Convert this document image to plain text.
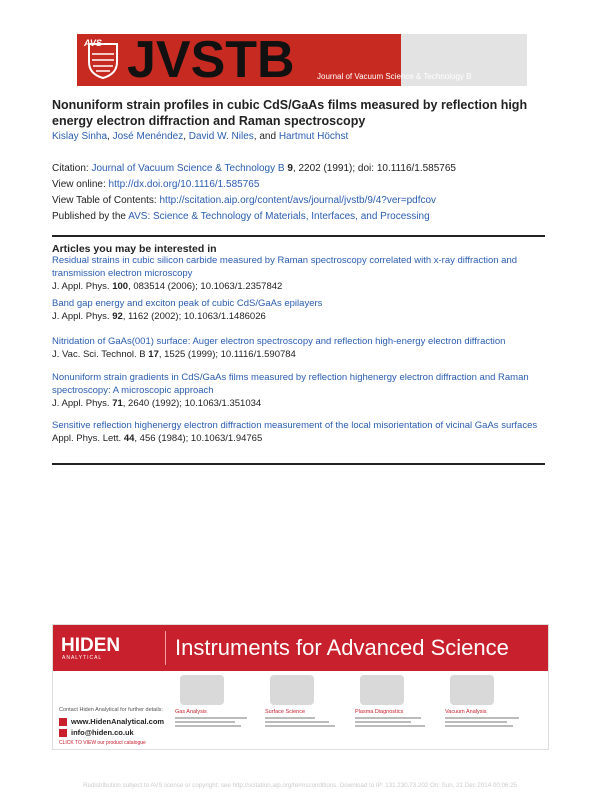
AVS JVSTB	Journal of Vacuum Science & Technology B
Nonuniform strain profiles in cubic CdS/GaAs films measured by reflection high energy electron diffraction and Raman spectroscopy
Kislay Sinha, José Menéndez, David W. Niles, and Hartmut Höchst
Citation: Journal of Vacuum Science & Technology B 9, 2202 (1991); doi: 10.1116/1.585765
View online: http://dx.doi.org/10.1116/1.585765
View Table of Contents: http://scitation.aip.org/content/avs/journal/jvstb/9/4?ver=pdfcov
Published by the AVS: Science & Technology of Materials, Interfaces, and Processing
Articles you may be interested in
Residual strains in cubic silicon carbide measured by Raman spectroscopy correlated with x-ray diffraction and transmission electron microscopy
J. Appl. Phys. 100, 083514 (2006); 10.1063/1.2357842
Band gap energy and exciton peak of cubic CdS/GaAs epilayers
J. Appl. Phys. 92, 1162 (2002); 10.1063/1.1486026
Nitridation of GaAs(001) surface: Auger electron spectroscopy and reflection high-energy electron diffraction
J. Vac. Sci. Technol. B 17, 1525 (1999); 10.1116/1.590784
Nonuniform strain gradients in CdS/GaAs films measured by reflection highenergy electron diffraction and Raman spectroscopy: A microscopic approach
J. Appl. Phys. 71, 2640 (1992); 10.1063/1.351034
Sensitive reflection highenergy electron diffraction measurement of the local misorientation of vicinal GaAs surfaces
Appl. Phys. Lett. 44, 456 (1984); 10.1063/1.94765
HIDEN
ANALYTICAL	Instruments for Advanced Science
Contact Hiden Analytical for further details:
www.HidenAnalytical.com
info@hiden.co.uk
CLICK TO VIEW our product catalogue
Gas Analysis	Surface Science	Plasma Diagnostics	Vacuum Analysis
Redistribution subject to AVS license or copyright; see http://scitation.aip.org/termsconditions. Download to IP: 131.230.73.202 On: Sun, 21 Dec 2014 00:06:25
